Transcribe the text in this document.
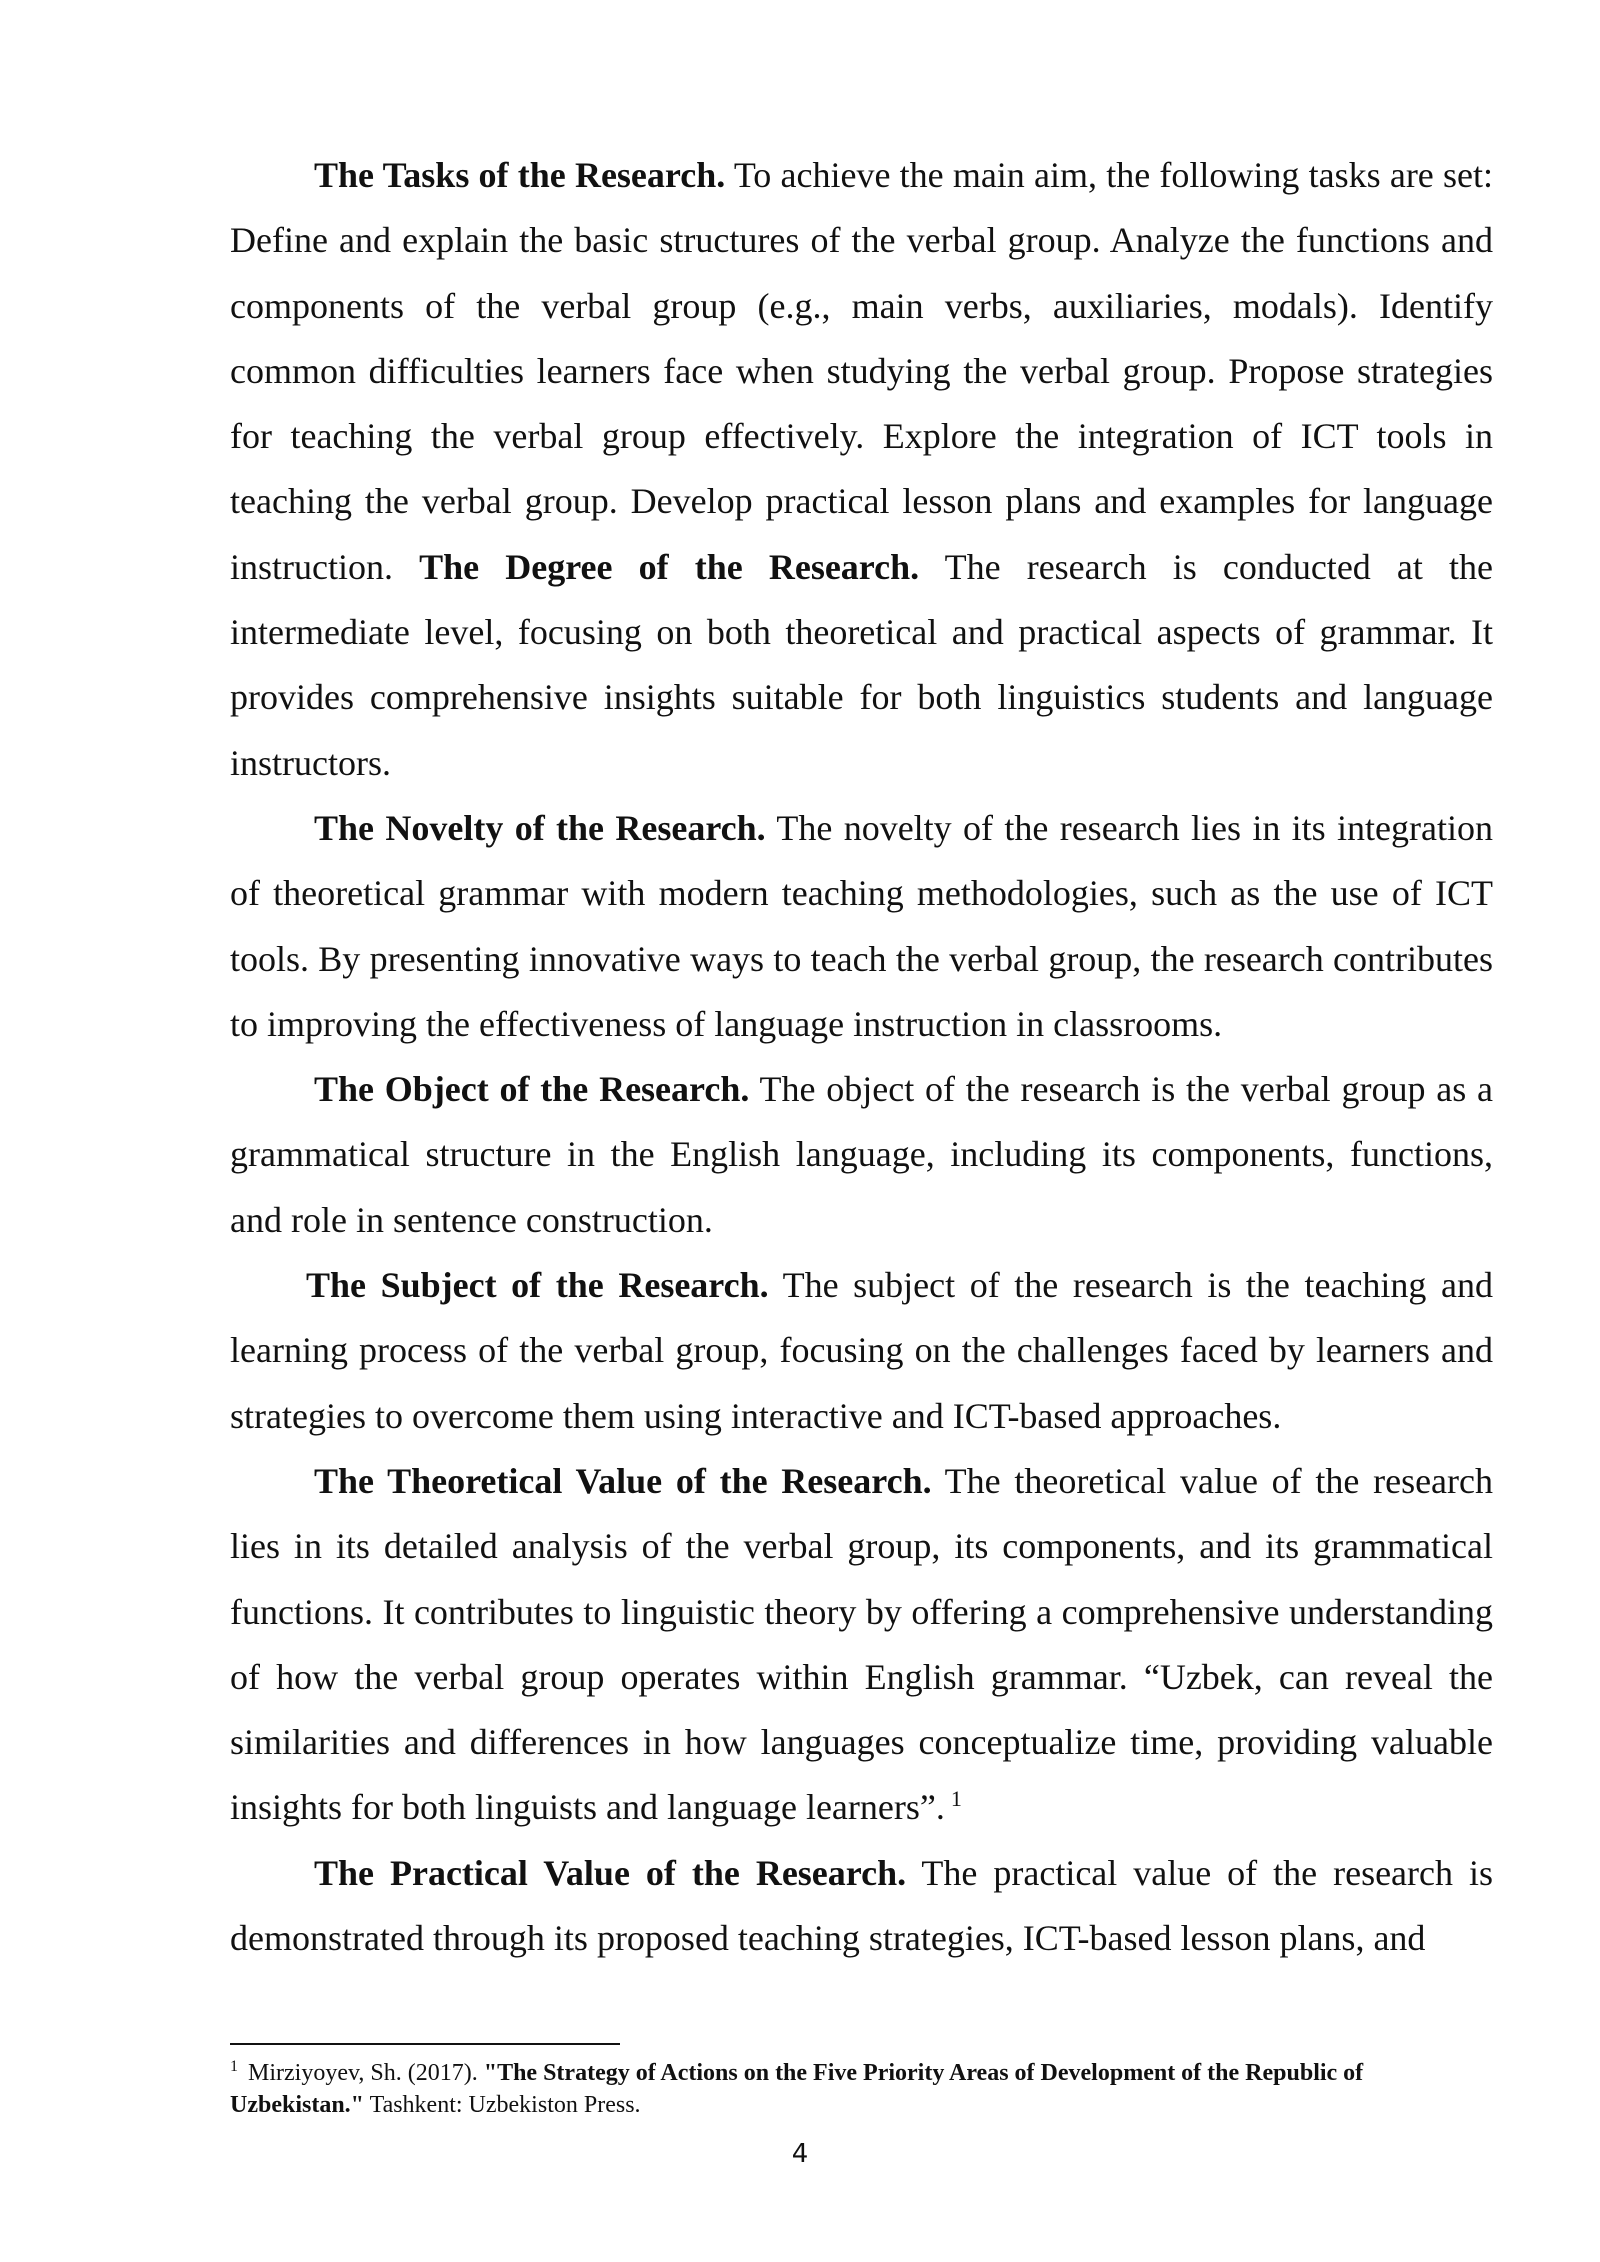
The Tasks of the Research. To achieve the main aim, the following tasks are set: Define and explain the basic structures of the verbal group. Analyze the functions and components of the verbal group (e.g., main verbs, auxiliaries, modals). Identify common difficulties learners face when studying the verbal group. Propose strategies for teaching the verbal group effectively. Explore the integration of ICT tools in teaching the verbal group. Develop practical lesson plans and examples for language instruction. The Degree of the Research. The research is conducted at the intermediate level, focusing on both theoretical and practical aspects of grammar. It provides comprehensive insights suitable for both linguistics students and language instructors.

The Novelty of the Research. The novelty of the research lies in its integration of theoretical grammar with modern teaching methodologies, such as the use of ICT tools. By presenting innovative ways to teach the verbal group, the research contributes to improving the effectiveness of language instruction in classrooms.

The Object of the Research. The object of the research is the verbal group as a grammatical structure in the English language, including its components, functions, and role in sentence construction.

The Subject of the Research. The subject of the research is the teaching and learning process of the verbal group, focusing on the challenges faced by learners and strategies to overcome them using interactive and ICT-based approaches.

The Theoretical Value of the Research. The theoretical value of the research lies in its detailed analysis of the verbal group, its components, and its grammatical functions. It contributes to linguistic theory by offering a comprehensive understanding of how the verbal group operates within English grammar. “Uzbek, can reveal the similarities and differences in how languages conceptualize time, providing valuable insights for both linguists and language learners”. $^1$

The Practical Value of the Research. The practical value of the research is demonstrated through its proposed teaching strategies, ICT-based lesson plans, and

$^1$ Mirziyoyev, Sh. (2017). "The Strategy of Actions on the Five Priority Areas of Development of the Republic of Uzbekistan." Tashkent: Uzbekiston Press.

4
